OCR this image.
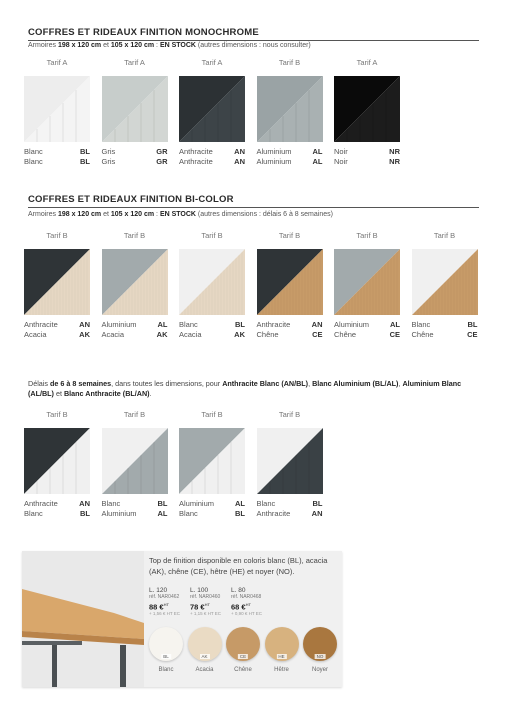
COFFRES ET RIDEAUX FINITION MONOCHROME
Armoires 198 x 120 cm et 105 x 120 cm : EN STOCK (autres dimensions : nous consulter)
Tarif A
Blanc	BL
Blanc	BL
Tarif A
Gris	GR
Gris	GR
Tarif A
Anthracite	AN
Anthracite	AN
Tarif B
Aluminium	AL
Aluminium	AL
Tarif A
Noir	NR
Noir	NR
COFFRES ET RIDEAUX FINITION BI-COLOR
Armoires 198 x 120 cm et 105 x 120 cm : EN STOCK (autres dimensions : délais 6 à 8 semaines)
Tarif B
Anthracite	AN
Acacia	AK
Tarif B
Aluminium	AL
Acacia	AK
Tarif B
Blanc	BL
Acacia	AK
Tarif B
Anthracite	AN
Chêne	CE
Tarif B
Aluminium	AL
Chêne	CE
Tarif B
Blanc	BL
Chêne	CE
Délais de 6 à 8 semaines, dans toutes les dimensions, pour Anthracite Blanc (AN/BL), Blanc Aluminium (BL/AL), Aluminium Blanc (AL/BL) et Blanc Anthracite (BL/AN).
Tarif B
Anthracite	AN
Blanc	BL
Tarif B
Blanc	BL
Aluminium	AL
Tarif B
Aluminium	AL
Blanc	BL
Tarif B
Blanc	BL
Anthracite	AN
Top de finition disponible en coloris blanc (BL), acacia (AK), chêne (CE), hêtre (HE) et noyer (NO).
L. 120
réf. NAR0462
88 €$^{HT}$
+ 1,56 € HT EC
L. 100
réf. NAR0460
78 €$^{HT}$
+ 1,15 € HT EC
L. 80
réf. NAR0468
68 €$^{HT}$
+ 0,90 € HT EC
BL
Blanc
AK
Acacia
CE
Chêne
HE
Hêtre
NO
Noyer
